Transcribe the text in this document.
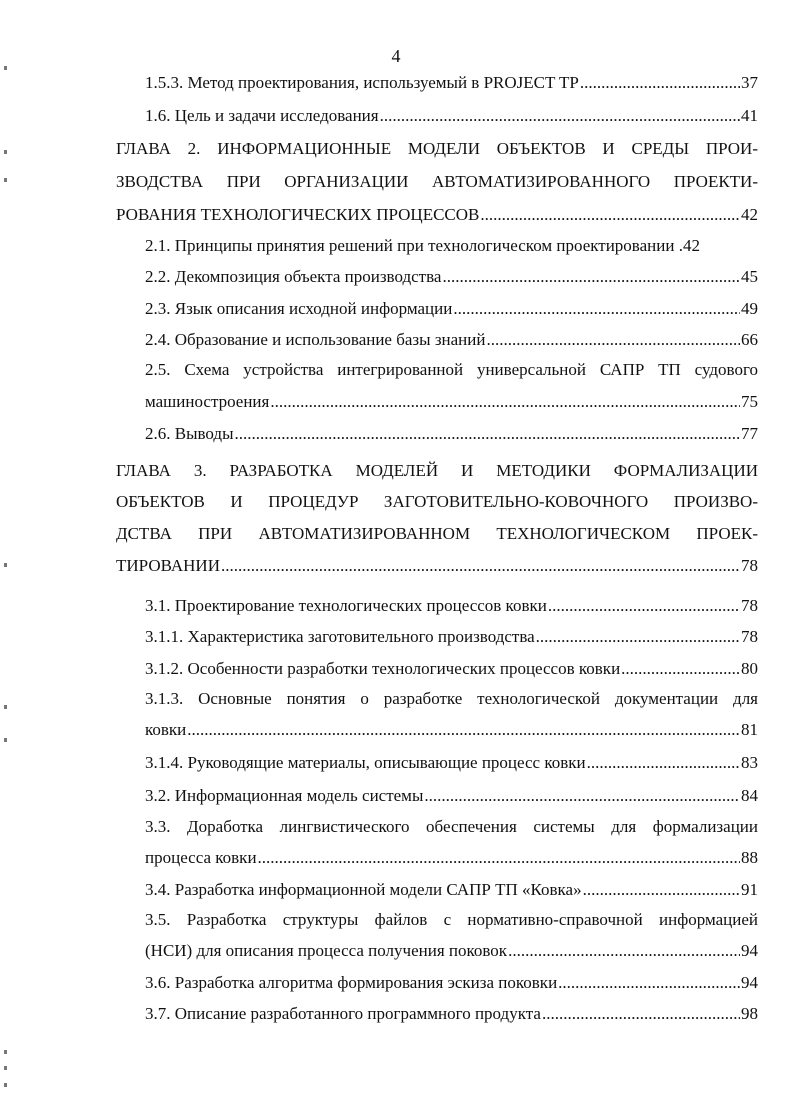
4
1.5.3. Метод проектирования, используемый в PROJECT TP .....	37
1.6. Цель и задачи исследования .....	41
ГЛАВА 2. ИНФОРМАЦИОННЫЕ МОДЕЛИ ОБЪЕКТОВ И СРЕДЫ ПРОИ-
ЗВОДСТВА ПРИ ОРГАНИЗАЦИИ АВТОМАТИЗИРОВАННОГО ПРОЕКТИ-
РОВАНИЯ ТЕХНОЛОГИЧЕСКИХ ПРОЦЕССОВ .....	42
2.1. Принципы принятия решений при технологическом проектировании .42
2.2. Декомпозиция объекта производства .....	45
2.3. Язык описания исходной информации .....	49
2.4. Образование и использование базы знаний .....	66
2.5. Схема устройства интегрированной универсальной САПР ТП судового
машиностроения .....	75
2.6. Выводы .....	77
ГЛАВА 3. РАЗРАБОТКА МОДЕЛЕЙ И МЕТОДИКИ ФОРМАЛИЗАЦИИ
ОБЪЕКТОВ И ПРОЦЕДУР ЗАГОТОВИТЕЛЬНО-КОВОЧНОГО ПРОИЗВО-
ДСТВА ПРИ АВТОМАТИЗИРОВАННОМ ТЕХНОЛОГИЧЕСКОМ ПРОЕК-
ТИРОВАНИИ .....	78
3.1. Проектирование технологических процессов ковки .....	78
3.1.1. Характеристика заготовительного производства .....	78
3.1.2. Особенности разработки технологических процессов ковки .....	80
3.1.3. Основные понятия о разработке технологической документации для
ковки .....	81
3.1.4. Руководящие материалы, описывающие процесс ковки .....	83
3.2. Информационная модель системы .....	84
3.3. Доработка лингвистического обеспечения системы для формализации
процесса ковки .....	88
3.4. Разработка информационной модели САПР ТП «Ковка» .....	91
3.5. Разработка структуры файлов с нормативно-справочной информацией
(НСИ) для описания процесса получения поковок .....	94
3.6. Разработка алгоритма формирования эскиза поковки .....	94
3.7. Описание разработанного программного продукта .....	98
